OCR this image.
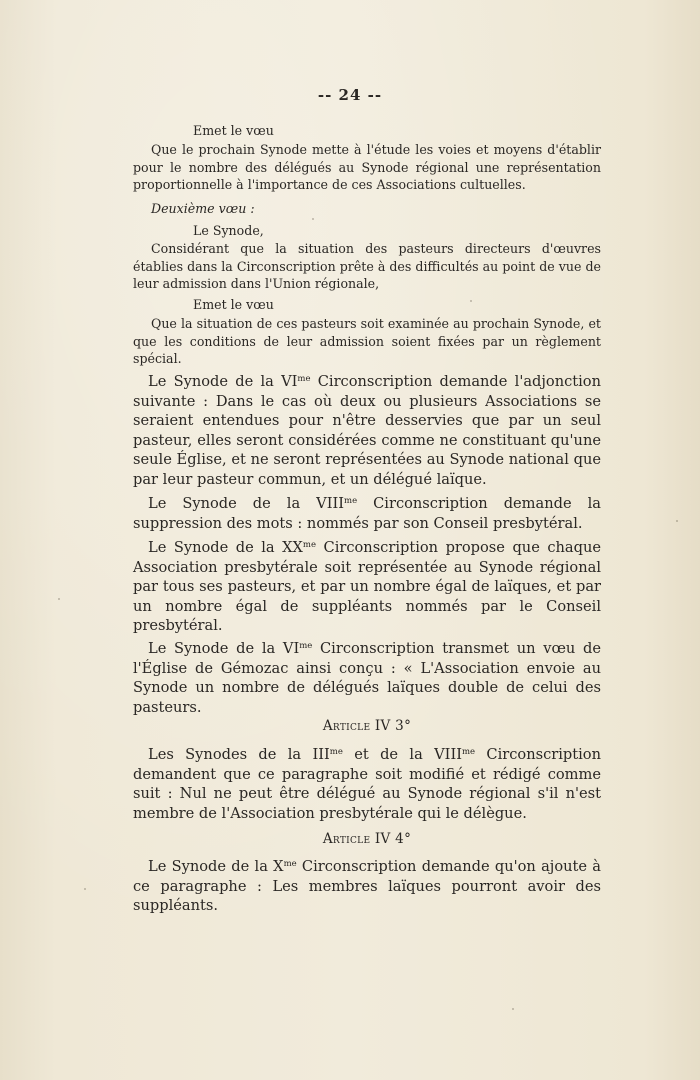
-- 24 --
Emet le vœu
Que le prochain Synode mette à l'étude les voies et moyens d'établir pour le nombre des délégués au Synode régional une représentation proportionnelle à l'importance de ces Associations cultuelles.
Deuxième vœu :
Le Synode,
Considérant que la situation des pasteurs directeurs d'œuvres établies dans la Circonscription prête à des difficultés au point de vue de leur admission dans l'Union régionale,
Emet le vœu
Que la situation de ces pasteurs soit examinée au prochain Synode, et que les conditions de leur admission soient fixées par un règlement spécial.
Le Synode de la $VI^{me}$ Circonscription demande l'adjonction suivante : Dans le cas où deux ou plusieurs Associations se seraient entendues pour n'être desservies que par un seul pasteur, elles seront considérées comme ne constituant qu'une seule Église, et ne seront représentées au Synode national que par leur pasteur commun, et un délégué laïque.
Le Synode de la $VIII^{me}$ Circonscription demande la suppression des mots : nommés par son Conseil presbytéral.
Le Synode de la $XX^{me}$ Circonscription propose que chaque Association presbytérale soit représentée au Synode régional par tous ses pasteurs, et par un nombre égal de laïques, et par un nombre égal de suppléants nommés par le Conseil presbytéral.
Le Synode de la $VI^{me}$ Circonscription transmet un vœu de l'Église de Gémozac ainsi conçu : « L'Association envoie au Synode un nombre de délégués laïques double de celui des pasteurs.
Article IV 3°
Les Synodes de la $III^{me}$ et de la $VIII^{me}$ Circonscription demandent que ce paragraphe soit modifié et rédigé comme suit : Nul ne peut être délégué au Synode régional s'il n'est membre de l'Association presbytérale qui le délègue.
Article IV 4°
Le Synode de la $X^{me}$ Circonscription demande qu'on ajoute à ce paragraphe : Les membres laïques pourront avoir des suppléants.
